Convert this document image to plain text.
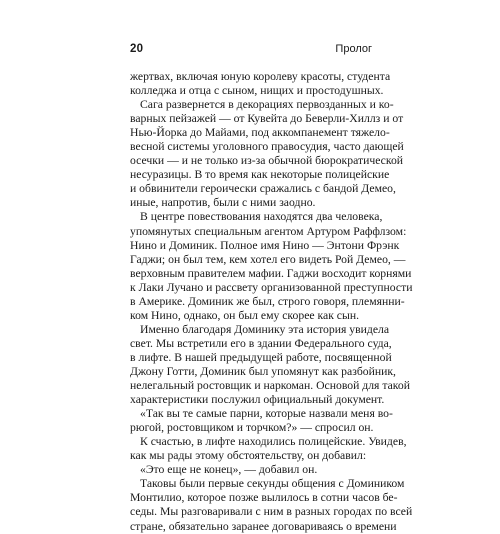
20	Пролог
жертвах, включая юную королеву красоты, студента
колледжа и отца с сыном, нищих и простодушных.
Сага развернется в декорациях первозданных и ко-
варных пейзажей — от Кувейта до Беверли-Хиллз и от
Нью-Йорка до Майами, под аккомпанемент тяжело-
весной системы уголовного правосудия, часто дающей
осечки — и не только из-за обычной бюрократической
несуразицы. В то время как некоторые полицейские
и обвинители героически сражались с бандой Демео,
иные, напротив, были с ними заодно.
В центре повествования находятся два человека,
упомянутых специальным агентом Артуром Раффлзом:
Нино и Доминик. Полное имя Нино — Энтони Фрэнк
Гаджи; он был тем, кем хотел его видеть Рой Демео, —
верховным правителем мафии. Гаджи восходит корнями
к Лаки Лучано и рассвету организованной преступности
в Америке. Доминик же был, строго говоря, племянни-
ком Нино, однако, он был ему скорее как сын.
Именно благодаря Доминику эта история увидела
свет. Мы встретили его в здании Федерального суда,
в лифте. В нашей предыдущей работе, посвященной
Джону Готти, Доминик был упомянут как разбойник,
нелегальный ростовщик и наркоман. Основой для такой
характеристики послужил официальный документ.
«Так вы те самые парни, которые назвали меня во-
рюгой, ростовщиком и торчком?» — спросил он.
К счастью, в лифте находились полицейские. Увидев,
как мы рады этому обстоятельству, он добавил:
«Это еще не конец», — добавил он.
Таковы были первые секунды общения с Домиником
Монтилио, которое позже вылилось в сотни часов бе-
седы. Мы разговаривали с ним в разных городах по всей
стране, обязательно заранее договариваясь о времени
